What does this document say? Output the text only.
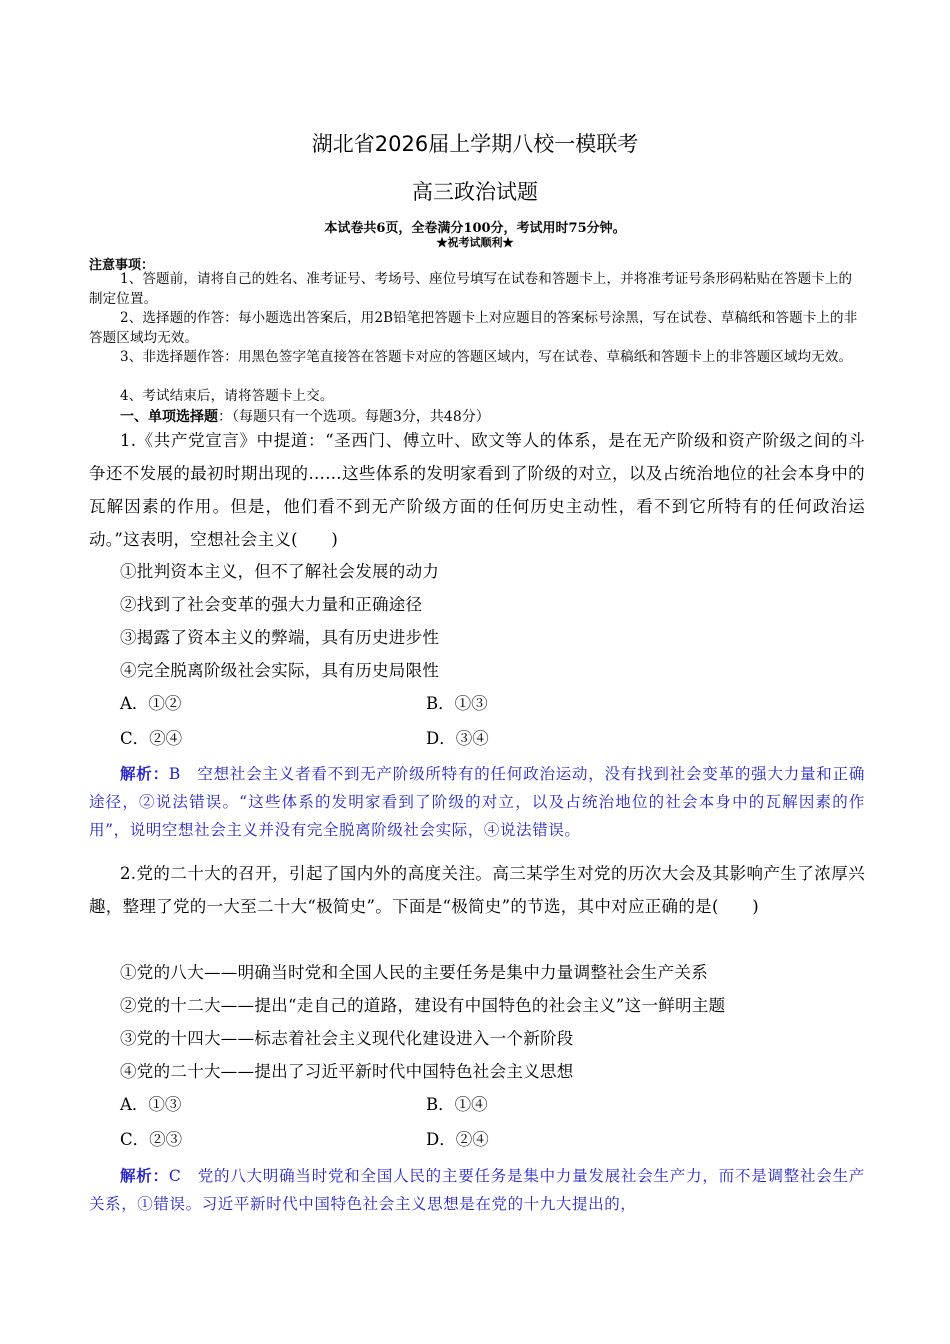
湖北省2026届上学期八校一模联考
高三政治试题
本试卷共6页，全卷满分100分，考试用时75分钟。
★祝考试顺利★
注意事项：

1、答题前，请将自己的姓名、准考证号、考场号、座位号填写在试卷和答题卡上，并将准考证号条形码粘贴在答题卡上的制定位置。

2、选择题的作答：每小题选出答案后，用2B铅笔把答题卡上对应题目的答案标号涂黑，写在试卷、草稿纸和答题卡上的非答题区域均无效。

3、非选择题作答：用黑色签字笔直接答在答题卡对应的答题区域内，写在试卷、草稿纸和答题卡上的非答题区域均无效。

4、考试结束后，请将答题卡上交。

一、单项选择题：（每题只有一个选项。每题3分，共48分）

1.《共产党宣言》中提道：“圣西门、傅立叶、欧文等人的体系，是在无产阶级和资产阶级之间的斗争还不发展的最初时期出现的……这些体系的发明家看到了阶级的对立，以及占统治地位的社会本身中的瓦解因素的作用。但是，他们看不到无产阶级方面的任何历史主动性，看不到它所特有的任何政治运动。”这表明，空想社会主义(　　)

①批判资本主义，但不了解社会发展的动力
②找到了社会变革的强大力量和正确途径
③揭露了资本主义的弊端，具有历史进步性
④完全脱离阶级社会实际，具有历史局限性
A．①②	B．①③
C．②④	D．③④

解析：B　空想社会主义者看不到无产阶级所特有的任何政治运动，没有找到社会变革的强大力量和正确途径，②说法错误。“这些体系的发明家看到了阶级的对立，以及占统治地位的社会本身中的瓦解因素的作用”，说明空想社会主义并没有完全脱离阶级社会实际，④说法错误。

2.党的二十大的召开，引起了国内外的高度关注。高三某学生对党的历次大会及其影响产生了浓厚兴趣，整理了党的一大至二十大“极简史”。下面是“极简史”的节选，其中对应正确的是(　　)

①党的八大——明确当时党和全国人民的主要任务是集中力量调整社会生产关系
②党的十二大——提出“走自己的道路，建设有中国特色的社会主义”这一鲜明主题
③党的十四大——标志着社会主义现代化建设进入一个新阶段
④党的二十大——提出了习近平新时代中国特色社会主义思想
A．①③	B．①④
C．②③	D．②④

解析：C　党的八大明确当时党和全国人民的主要任务是集中力量发展社会生产力，而不是调整社会生产关系，①错误。习近平新时代中国特色社会主义思想是在党的十九大提出的，
